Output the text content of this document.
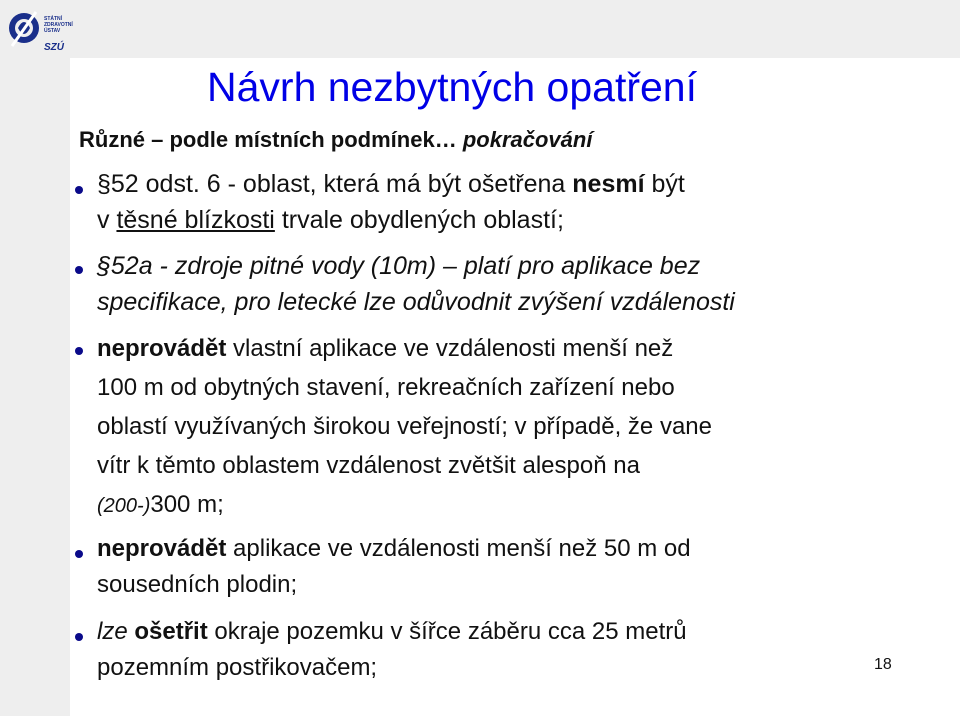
STÁTNÍ
ZDRAVOTNÍ
ÚSTAV
SZÚ
Návrh nezbytných opatření
Různé – podle místních podmínek… pokračování
§52 odst. 6 - oblast, která má být ošetřena nesmí být
v těsné blízkosti trvale obydlených oblastí;
§52a - zdroje pitné vody (10m) – platí pro aplikace bez
specifikace, pro letecké lze odůvodnit zvýšení vzdálenosti
neprovádět vlastní aplikace ve vzdálenosti menší než
100 m od obytných stavení, rekreačních zařízení nebo
oblastí využívaných širokou veřejností; v případě, že vane
vítr k těmto oblastem vzdálenost zvětšit alespoň na
(200-)300 m;
neprovádět aplikace ve vzdálenosti menší než 50 m od
sousedních plodin;
lze ošetřit okraje pozemku v šířce záběru cca 25 metrů
pozemním postřikovačem;	18
